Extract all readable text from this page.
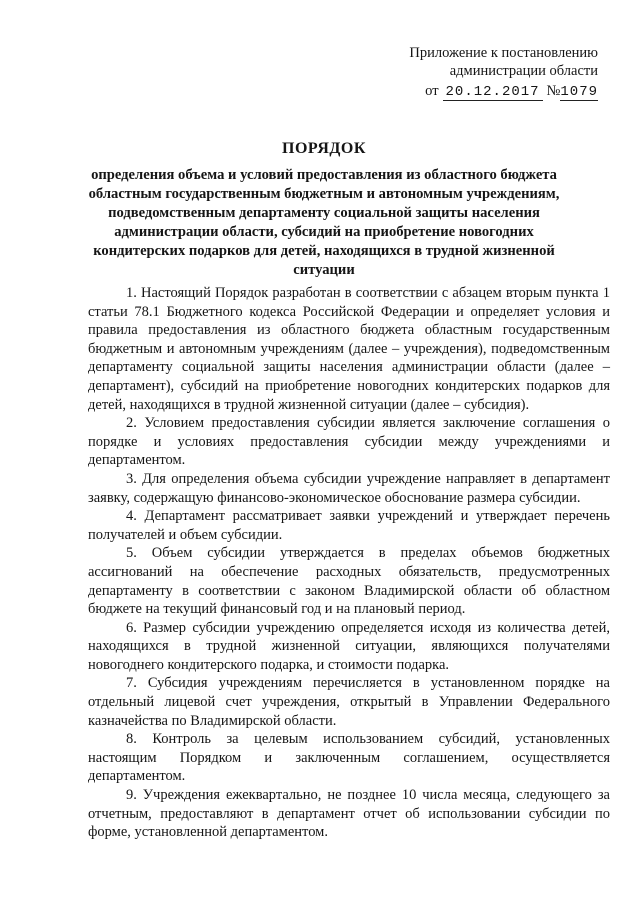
Приложение к постановлению
администрации области
от 20.12.2017 №1079
ПОРЯДОК

определения объема и условий предоставления из областного бюджета областным государственным бюджетным и автономным учреждениям, подведомственным департаменту социальной защиты населения администрации области, субсидий на приобретение новогодних кондитерских подарков для детей, находящихся в трудной жизненной ситуации

1. Настоящий Порядок разработан в соответствии с абзацем вторым пункта 1 статьи 78.1 Бюджетного кодекса Российской Федерации и определяет условия и правила предоставления из областного бюджета областным государственным бюджетным и автономным учреждениям (далее – учреждения), подведомственным департаменту социальной защиты населения администрации области (далее – департамент), субсидий на приобретение новогодних кондитерских подарков для детей, находящихся в трудной жизненной ситуации (далее – субсидия).

2. Условием предоставления субсидии является заключение соглашения о порядке и условиях предоставления субсидии между учреждениями и департаментом.

3. Для определения объема субсидии учреждение направляет в департамент заявку, содержащую финансово-экономическое обоснование размера субсидии.

4. Департамент рассматривает заявки учреждений и утверждает перечень получателей и объем субсидии.

5. Объем субсидии утверждается в пределах объемов бюджетных ассигнований на обеспечение расходных обязательств, предусмотренных департаменту в соответствии с законом Владимирской области об областном бюджете на текущий финансовый год и на плановый период.

6. Размер субсидии учреждению определяется исходя из количества детей, находящихся в трудной жизненной ситуации, являющихся получателями новогоднего кондитерского подарка, и стоимости подарка.

7. Субсидия учреждениям перечисляется в установленном порядке на отдельный лицевой счет учреждения, открытый в Управлении Федерального казначейства по Владимирской области.

8. Контроль за целевым использованием субсидий, установленных настоящим Порядком и заключенным соглашением, осуществляется департаментом.

9. Учреждения ежеквартально, не позднее 10 числа месяца, следующего за отчетным, предоставляют в департамент отчет об использовании субсидии по форме, установленной департаментом.
